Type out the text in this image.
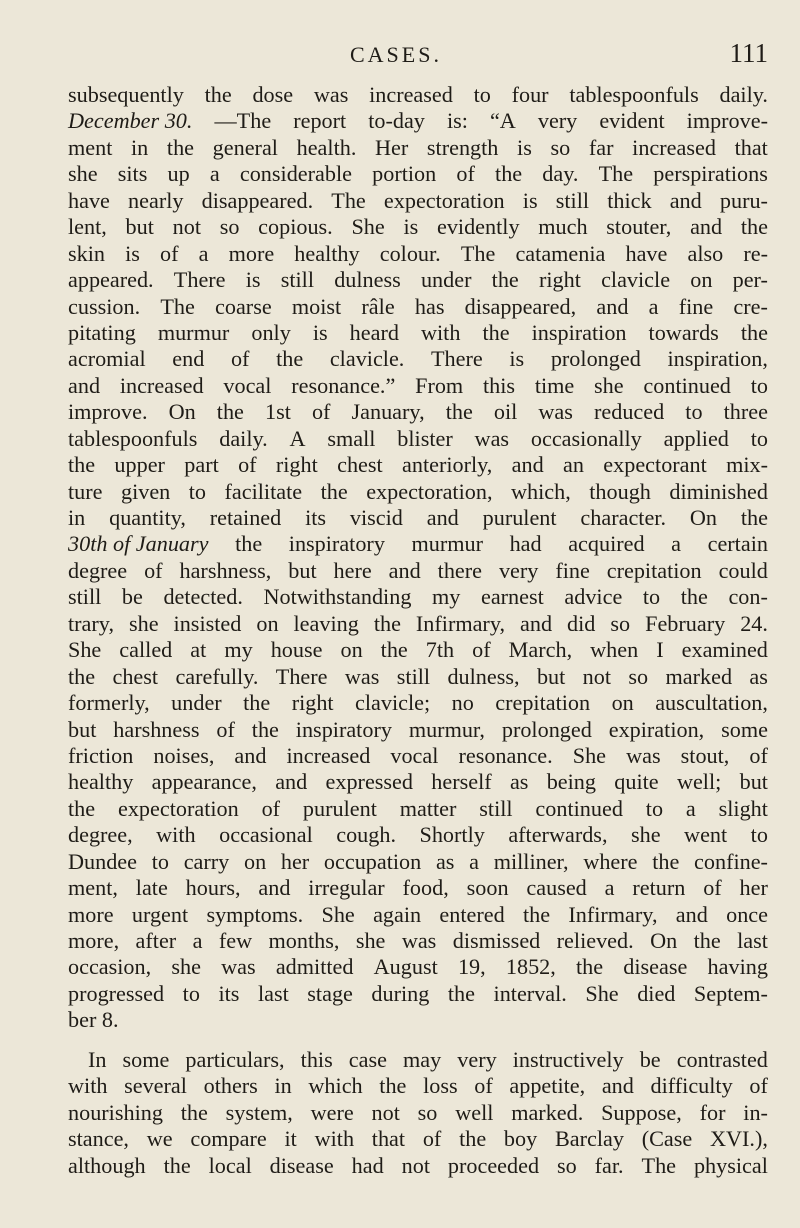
CASES.	111
subsequently the dose was increased to four tablespoonfuls daily.
December 30. —The report to-day is: “A very evident improve-
ment in the general health. Her strength is so far increased that
she sits up a considerable portion of the day. The perspirations
have nearly disappeared. The expectoration is still thick and puru-
lent, but not so copious. She is evidently much stouter, and the
skin is of a more healthy colour. The catamenia have also re-
appeared. There is still dulness under the right clavicle on per-
cussion. The coarse moist râle has disappeared, and a fine cre-
pitating murmur only is heard with the inspiration towards the
acromial end of the clavicle. There is prolonged inspiration,
and increased vocal resonance.” From this time she continued to
improve. On the 1st of January, the oil was reduced to three
tablespoonfuls daily. A small blister was occasionally applied to
the upper part of right chest anteriorly, and an expectorant mix-
ture given to facilitate the expectoration, which, though diminished
in quantity, retained its viscid and purulent character. On the
30th of January the inspiratory murmur had acquired a certain
degree of harshness, but here and there very fine crepitation could
still be detected. Notwithstanding my earnest advice to the con-
trary, she insisted on leaving the Infirmary, and did so February 24.
She called at my house on the 7th of March, when I examined
the chest carefully. There was still dulness, but not so marked as
formerly, under the right clavicle; no crepitation on auscultation,
but harshness of the inspiratory murmur, prolonged expiration, some
friction noises, and increased vocal resonance. She was stout, of
healthy appearance, and expressed herself as being quite well; but
the expectoration of purulent matter still continued to a slight
degree, with occasional cough. Shortly afterwards, she went to
Dundee to carry on her occupation as a milliner, where the confine-
ment, late hours, and irregular food, soon caused a return of her
more urgent symptoms. She again entered the Infirmary, and once
more, after a few months, she was dismissed relieved. On the last
occasion, she was admitted August 19, 1852, the disease having
progressed to its last stage during the interval. She died Septem-
ber 8.
In some particulars, this case may very instructively be contrasted
with several others in which the loss of appetite, and difficulty of
nourishing the system, were not so well marked. Suppose, for in-
stance, we compare it with that of the boy Barclay (Case XVI.),
although the local disease had not proceeded so far. The physical
